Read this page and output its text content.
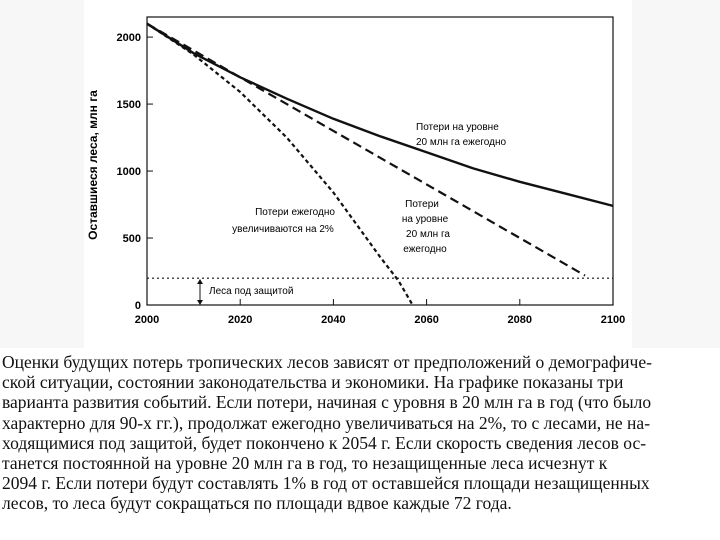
Оставшиеся леса, млн га
0
500
1000
1500
2000
2000	2020	2040	2060	2080	2100
Потери на уровне
20 млн га ежегодно
Потери
на уровне
20 млн га
ежегодно
Потери ежегодно
увеличиваются на 2%
Леса под защитой

Оценки будущих потерь тропических лесов зависят от предположений о демографиче-
ской ситуации, состоянии законодательства и экономики. На графике показаны три
варианта развития событий. Если потери, начиная с уровня в 20 млн га в год (что было
характерно для 90-х гг.), продолжат ежегодно увеличиваться на 2%, то с лесами, не на-
ходящимися под защитой, будет покончено к 2054 г. Если скорость сведения лесов ос-
танется постоянной на уровне 20 млн га в год, то незащищенные леса исчезнут к
2094 г. Если потери будут составлять 1% в год от оставшейся площади незащищенных
лесов, то леса будут сокращаться по площади вдвое каждые 72 года.
